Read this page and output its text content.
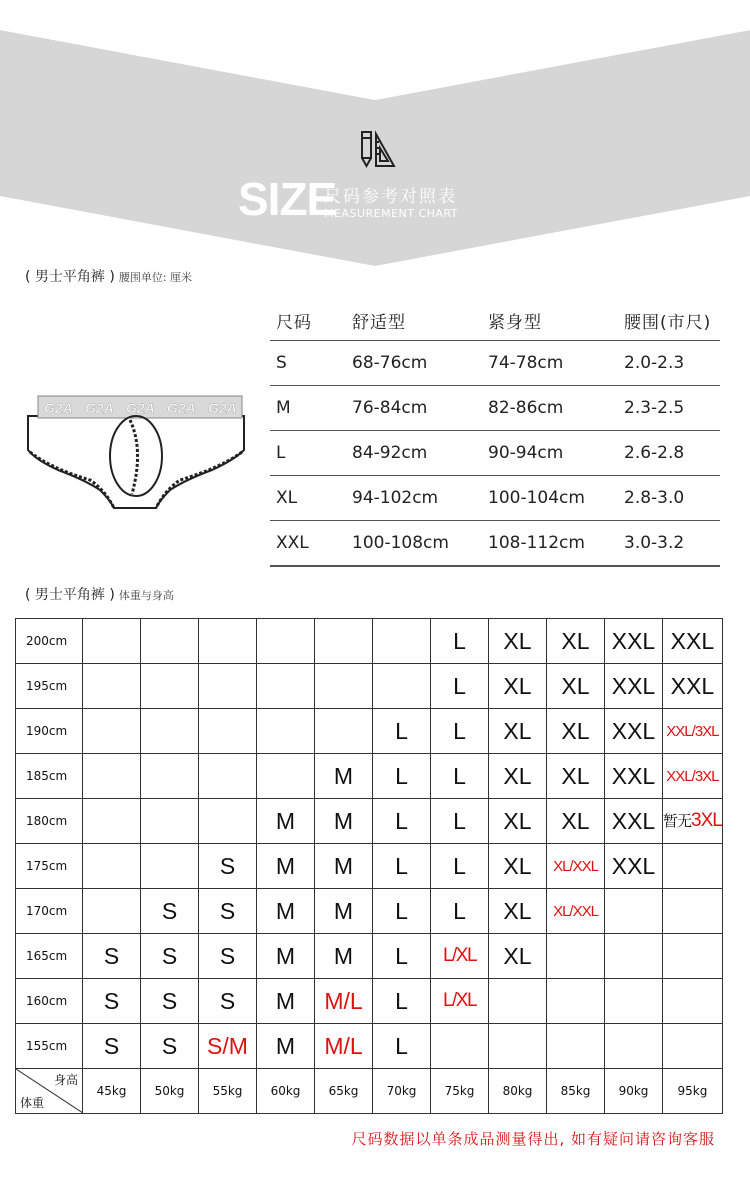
SIZE
尺码参考对照表
MEASUREMENT CHART
( 男士平角裤 ) 腰围单位: 厘米
G2A G2A G2A G2A G2A
尺码	舒适型	紧身型	腰围(市尺)
S	68-76cm	74-78cm	2.0-2.3
M	76-84cm	82-86cm	2.3-2.5
L	84-92cm	90-94cm	2.6-2.8
XL	94-102cm	100-104cm	2.8-3.0
XXL	100-108cm	108-112cm	3.0-3.2
( 男士平角裤 ) 体重与身高
200cm							L	XL	XL	XXL	XXL
195cm							L	XL	XL	XXL	XXL
190cm						L	L	XL	XL	XXL	XXL/3XL
185cm					M	L	L	XL	XL	XXL	XXL/3XL
180cm				M	M	L	L	XL	XL	XXL	暂无3XL
175cm			S	M	M	L	L	XL	XL/XXL	XXL	
170cm		S	S	M	M	L	L	XL	XL/XXL		
165cm	S	S	S	M	M	L	L/XL	XL			
160cm	S	S	S	M	M/L	L	L/XL				
155cm	S	S	S/M	M	M/L	L					

身高
体重	45kg	50kg	55kg	60kg	65kg	70kg	75kg	80kg	85kg	90kg	95kg
尺码数据以单条成品测量得出, 如有疑问请咨询客服
